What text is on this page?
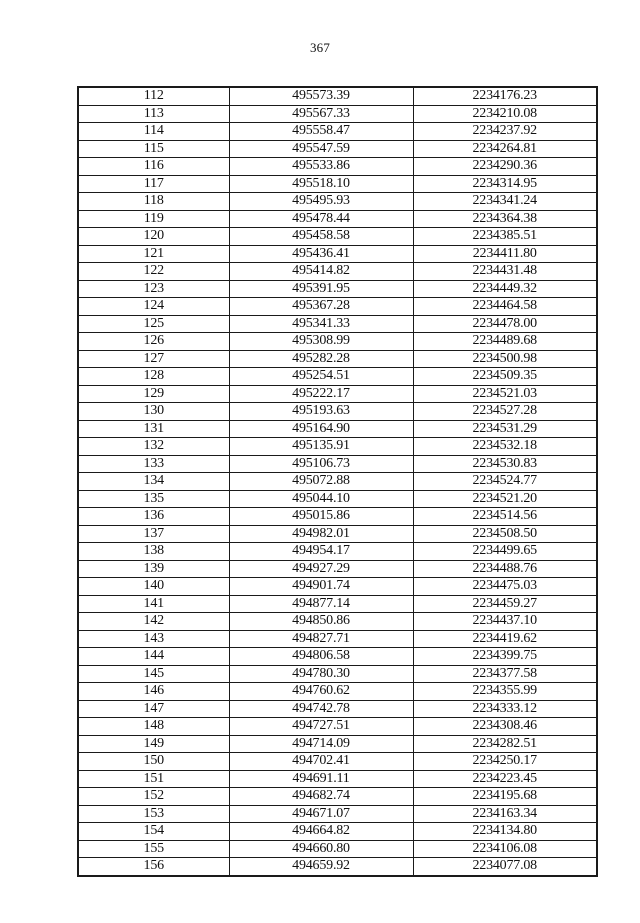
367
112	495573.39	2234176.23
113	495567.33	2234210.08
114	495558.47	2234237.92
115	495547.59	2234264.81
116	495533.86	2234290.36
117	495518.10	2234314.95
118	495495.93	2234341.24
119	495478.44	2234364.38
120	495458.58	2234385.51
121	495436.41	2234411.80
122	495414.82	2234431.48
123	495391.95	2234449.32
124	495367.28	2234464.58
125	495341.33	2234478.00
126	495308.99	2234489.68
127	495282.28	2234500.98
128	495254.51	2234509.35
129	495222.17	2234521.03
130	495193.63	2234527.28
131	495164.90	2234531.29
132	495135.91	2234532.18
133	495106.73	2234530.83
134	495072.88	2234524.77
135	495044.10	2234521.20
136	495015.86	2234514.56
137	494982.01	2234508.50
138	494954.17	2234499.65
139	494927.29	2234488.76
140	494901.74	2234475.03
141	494877.14	2234459.27
142	494850.86	2234437.10
143	494827.71	2234419.62
144	494806.58	2234399.75
145	494780.30	2234377.58
146	494760.62	2234355.99
147	494742.78	2234333.12
148	494727.51	2234308.46
149	494714.09	2234282.51
150	494702.41	2234250.17
151	494691.11	2234223.45
152	494682.74	2234195.68
153	494671.07	2234163.34
154	494664.82	2234134.80
155	494660.80	2234106.08
156	494659.92	2234077.08
